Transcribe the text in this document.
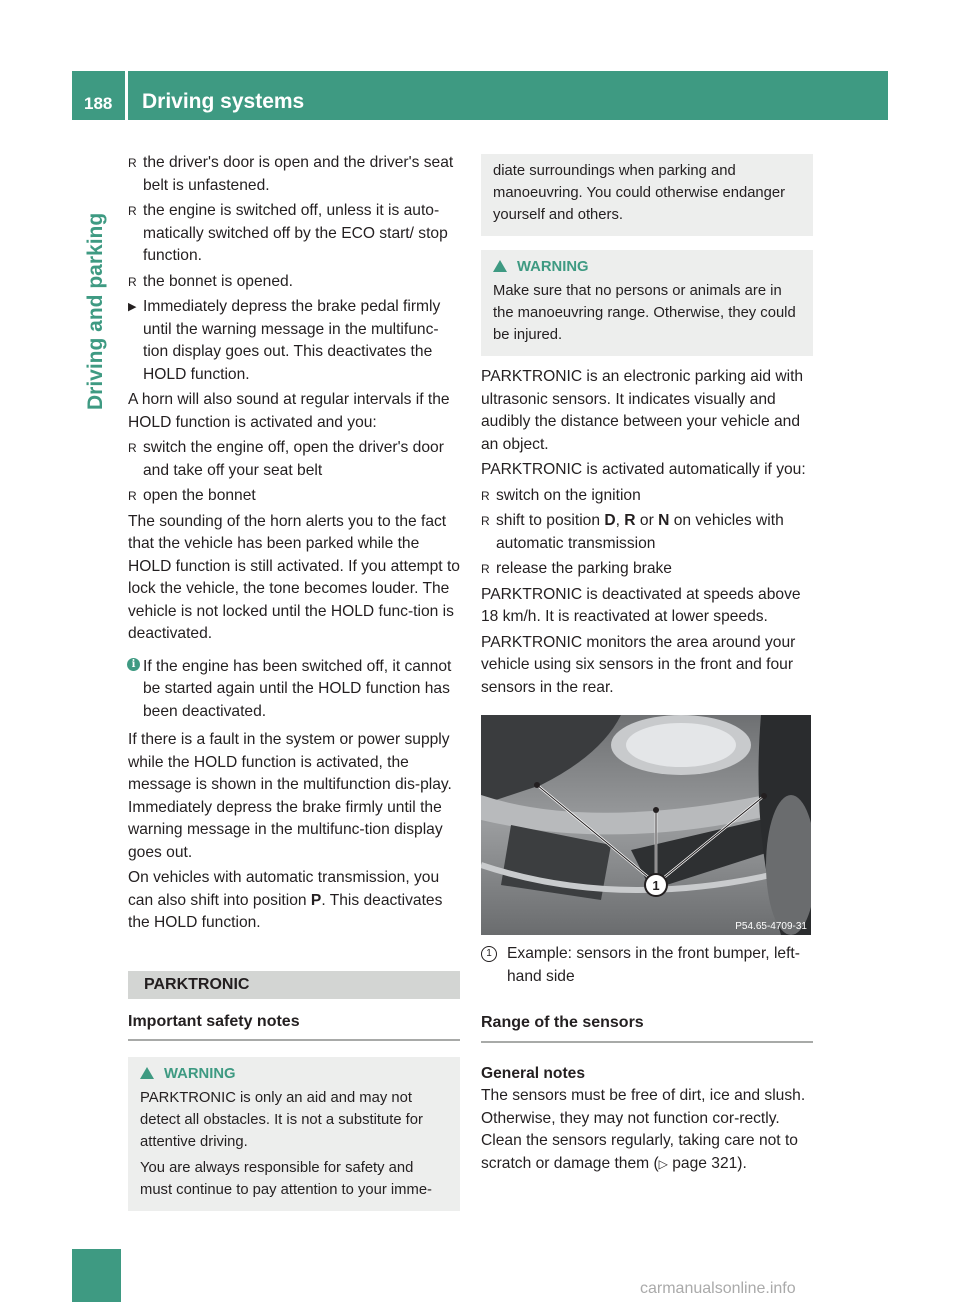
188 Driving systems
Driving and parking
R the driver's door is open and the driver's seat belt is unfastened.
R the engine is switched off, unless it is auto-matically switched off by the ECO start/ stop function.
R the bonnet is opened.
▶ Immediately depress the brake pedal firmly until the warning message in the multifunc-tion display goes out. This deactivates the HOLD function.

A horn will also sound at regular intervals if the HOLD function is activated and you:

R switch the engine off, open the driver's door and take off your seat belt
R open the bonnet

The sounding of the horn alerts you to the fact that the vehicle has been parked while the HOLD function is still activated. If you attempt to lock the vehicle, the tone becomes louder. The vehicle is not locked until the HOLD func-tion is deactivated.

i If the engine has been switched off, it cannot be started again until the HOLD function has been deactivated.

If there is a fault in the system or power supply while the HOLD function is activated, the message is shown in the multifunction dis-play. Immediately depress the brake firmly until the warning message in the multifunc-tion display goes out.

On vehicles with automatic transmission, you can also shift into position P. This deactivates the HOLD function.

PARKTRONIC
Important safety notes
WARNING

PARKTRONIC is only an aid and may not detect all obstacles. It is not a substitute for attentive driving.

You are always responsible for safety and must continue to pay attention to your imme-

diate surroundings when parking and manoeuvring. You could otherwise endanger yourself and others.

WARNING

Make sure that no persons or animals are in the manoeuvring range. Otherwise, they could be injured.

PARKTRONIC is an electronic parking aid with ultrasonic sensors. It indicates visually and audibly the distance between your vehicle and an object.

PARKTRONIC is activated automatically if you:

R switch on the ignition
R shift to position D, R or N on vehicles with automatic transmission
R release the parking brake

PARKTRONIC is deactivated at speeds above 18 km/h. It is reactivated at lower speeds.

PARKTRONIC monitors the area around your vehicle using six sensors in the front and four sensors in the rear.

1
P54.65-4709-31
1 Example: sensors in the front bumper, left-hand side
Range of the sensors
General notes

The sensors must be free of dirt, ice and slush. Otherwise, they may not function cor-rectly. Clean the sensors regularly, taking care not to scratch or damage them (▷ page 321).

carmanualsonline.info
